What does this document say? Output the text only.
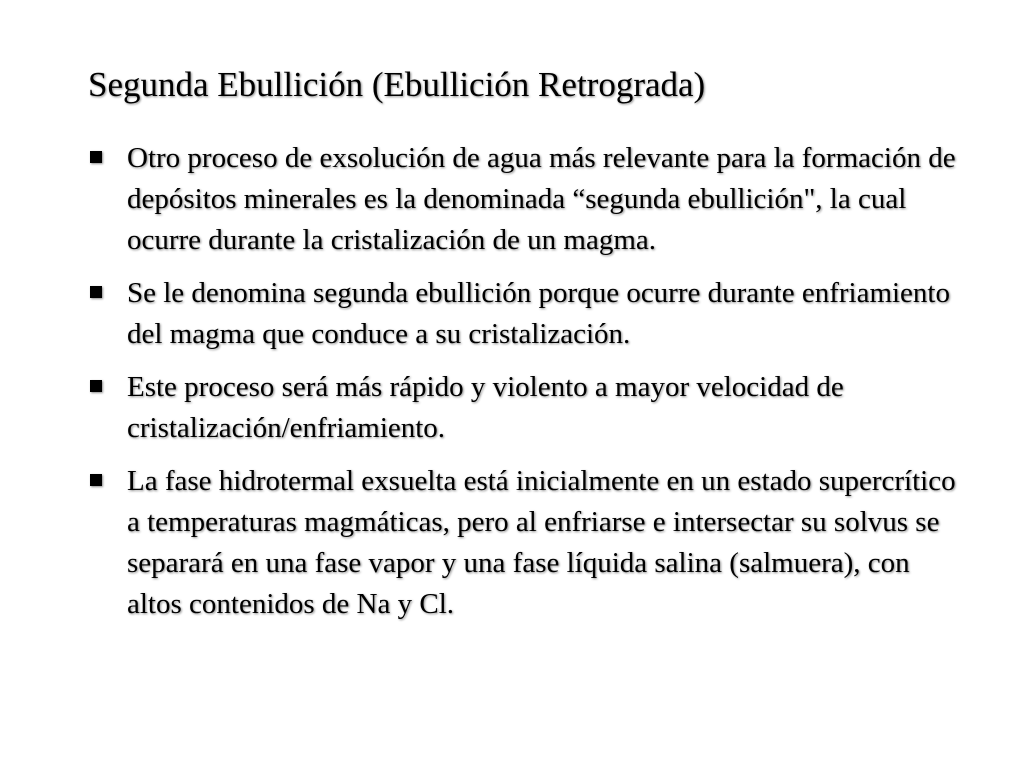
Segunda Ebullición (Ebullición Retrograda)
Otro proceso de exsolución de agua más relevante para la formación de depósitos minerales es la denominada “segunda ebullición", la cual ocurre durante la cristalización de un magma.
Se le denomina segunda ebullición porque ocurre durante enfriamiento del magma que conduce a su cristalización.
Este proceso será más rápido y violento a mayor velocidad de cristalización/enfriamiento.
La fase hidrotermal exsuelta está inicialmente en un estado supercrítico a temperaturas magmáticas, pero al enfriarse e intersectar su solvus se separará en una fase vapor y una fase líquida salina (salmuera), con altos contenidos de Na y Cl.
